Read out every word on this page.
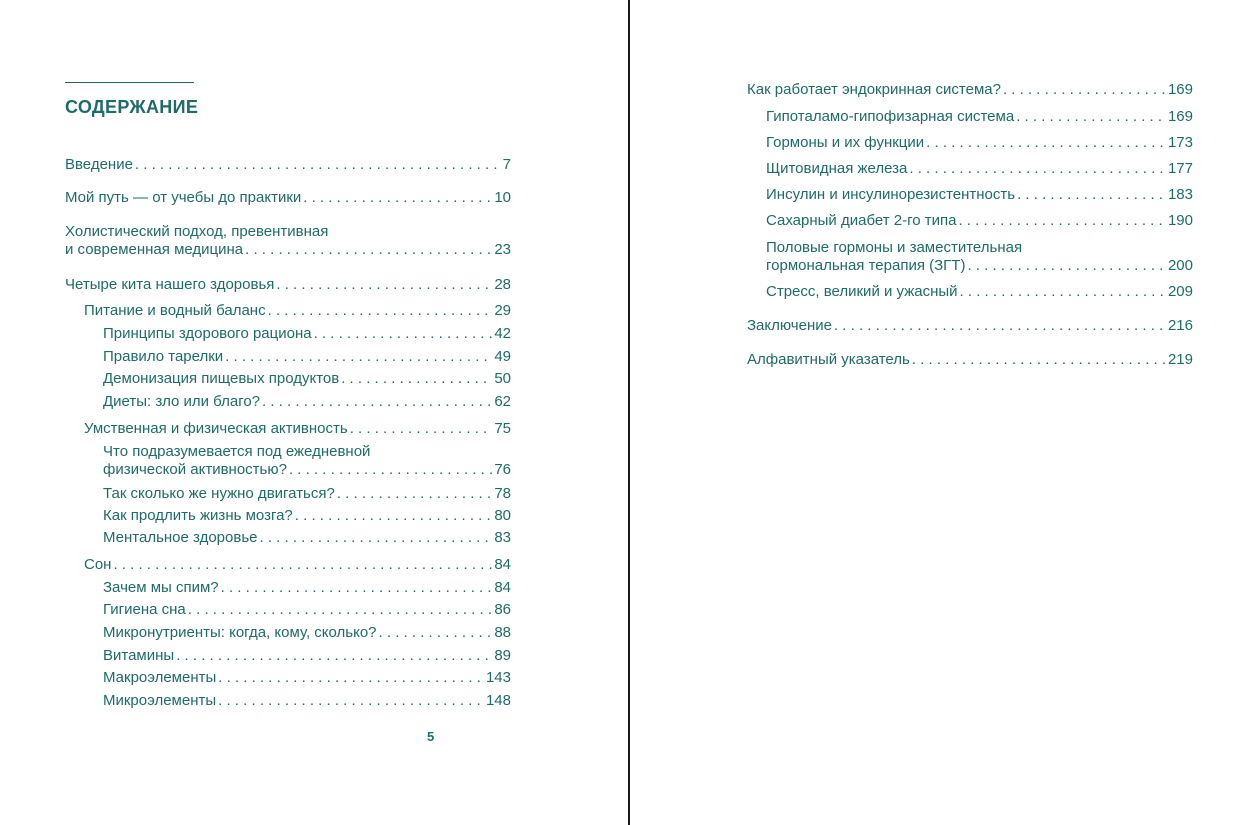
СОДЕРЖАНИЕ
Введение . . .	7
Мой путь — от учебы до практики . . .	10
Холистический подход, превентивная
и современная медицина . . .	23
Четыре кита нашего здоровья . . .	28
Питание и водный баланс . . .	29
Принципы здорового рациона . . .	42
Правило тарелки . . .	49
Демонизация пищевых продуктов . . .	50
Диеты: зло или благо? . . .	62
Умственная и физическая активность . . .	75
Что подразумевается под ежедневной
физической активностью? . . .	76
Так сколько же нужно двигаться? . . .	78
Как продлить жизнь мозга? . . .	80
Ментальное здоровье . . .	83
Сон . . .	84
Зачем мы спим? . . .	84
Гигиена сна . . .	86
Микронутриенты: когда, кому, сколько? . . .	88
Витамины . . .	89
Макроэлементы . . .	143
Микроэлементы . . .	148
5
Как работает эндокринная система? . . .	169
Гипоталамо-гипофизарная система . . .	169
Гормоны и их функции . . .	173
Щитовидная железа . . .	177
Инсулин и инсулинорезистентность . . .	183
Сахарный диабет 2-го типа . . .	190
Половые гормоны и заместительная
гормональная терапия (ЗГТ) . . .	200
Стресс, великий и ужасный . . .	209
Заключение . . .	216
Алфавитный указатель . . .	219
